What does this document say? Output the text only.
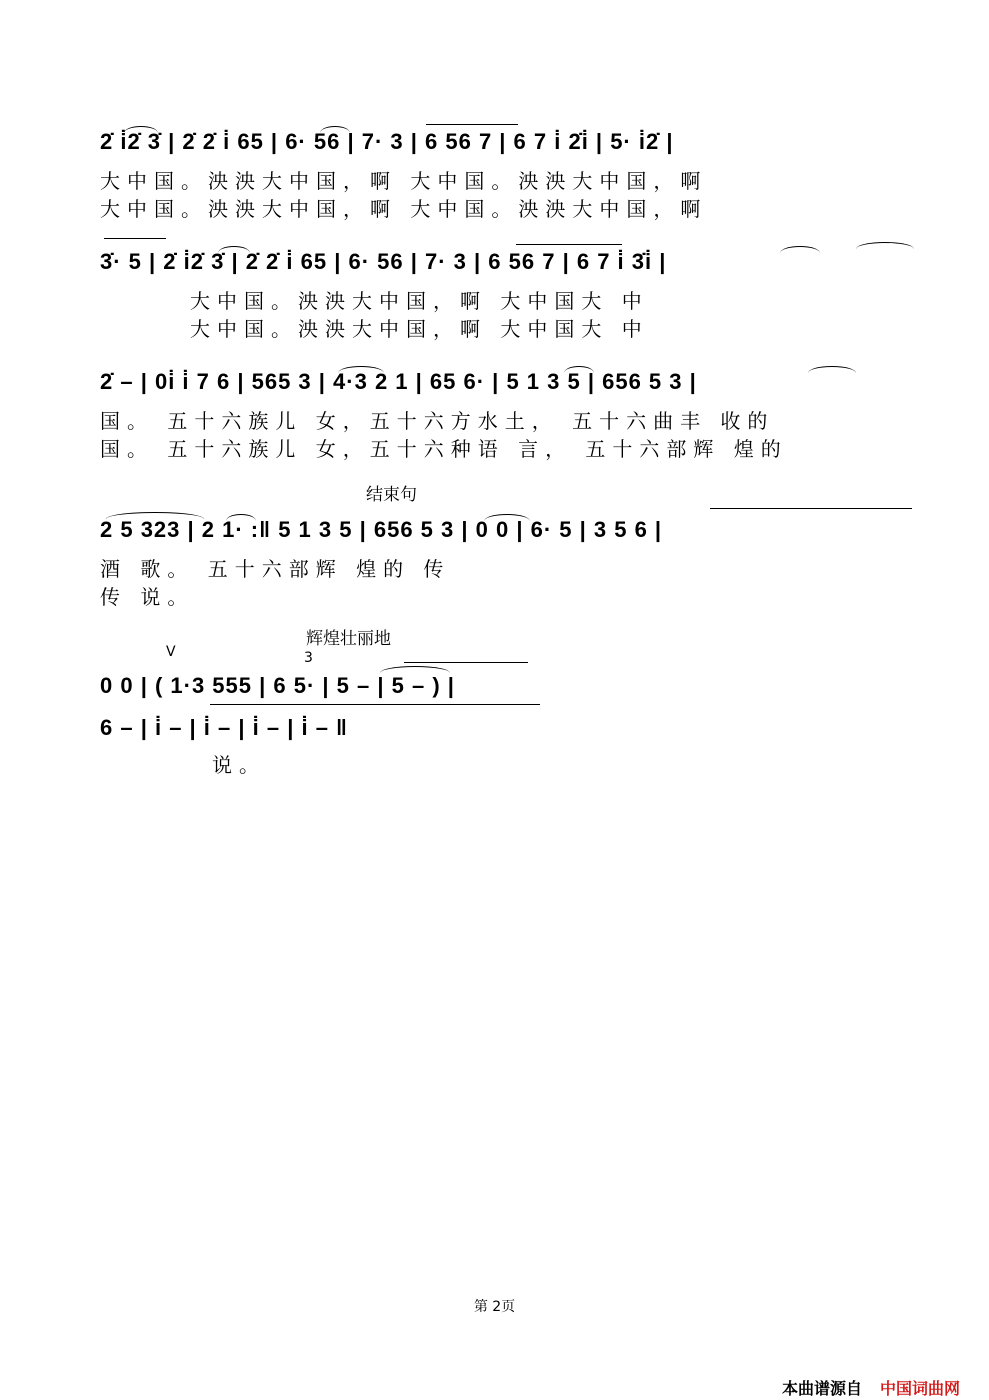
2̇ i̇2̇ 3̇ | 2̇ 2̇ i̇ 65 | 6· 56 | 7· 3 | 6 56 7 | 6 7 i̇ 2̇i̇ | 5· i̇2̇ |
大中国。泱泱大中国，啊 大中国。泱泱大中国，啊
大中国。泱泱大中国，啊 大中国。泱泱大中国，啊
3̇· 5 | 2̇ i̇2̇ 3̇ | 2̇ 2̇ i̇ 65 | 6· 56 | 7· 3 | 6 56 7 | 6 7 i̇ 3̇i̇ |
大中国。泱泱大中国，啊 大中国大 中
大中国。泱泱大中国，啊 大中国大 中
2̇ – | 0i̇ i̇ 7 6 | 565 3 | 4·3 2 1 | 65 6· | 5 1 3 5 | 656 5 3 |
国。 五十六族儿 女，五十六方水土， 五十六曲丰 收的
国。 五十六族儿 女，五十六种语 言， 五十六部辉 煌的
结束句
2 5 323 | 2 1· :‖ 5 1 3 5 | 656 5 3 | 0 0 | 6· 5 | 3 5 6 |
酒 歌。 五十六部辉 煌的 传
传 说。
辉煌壮丽地
V	3
0 0 | ( 1·3 555 | 6 5· | 5 – | 5 – ) |
6 – | i̇ – | i̇ – | i̇ – | i̇ – ‖
说。
第 2页
本曲谱源自 中国词曲网
